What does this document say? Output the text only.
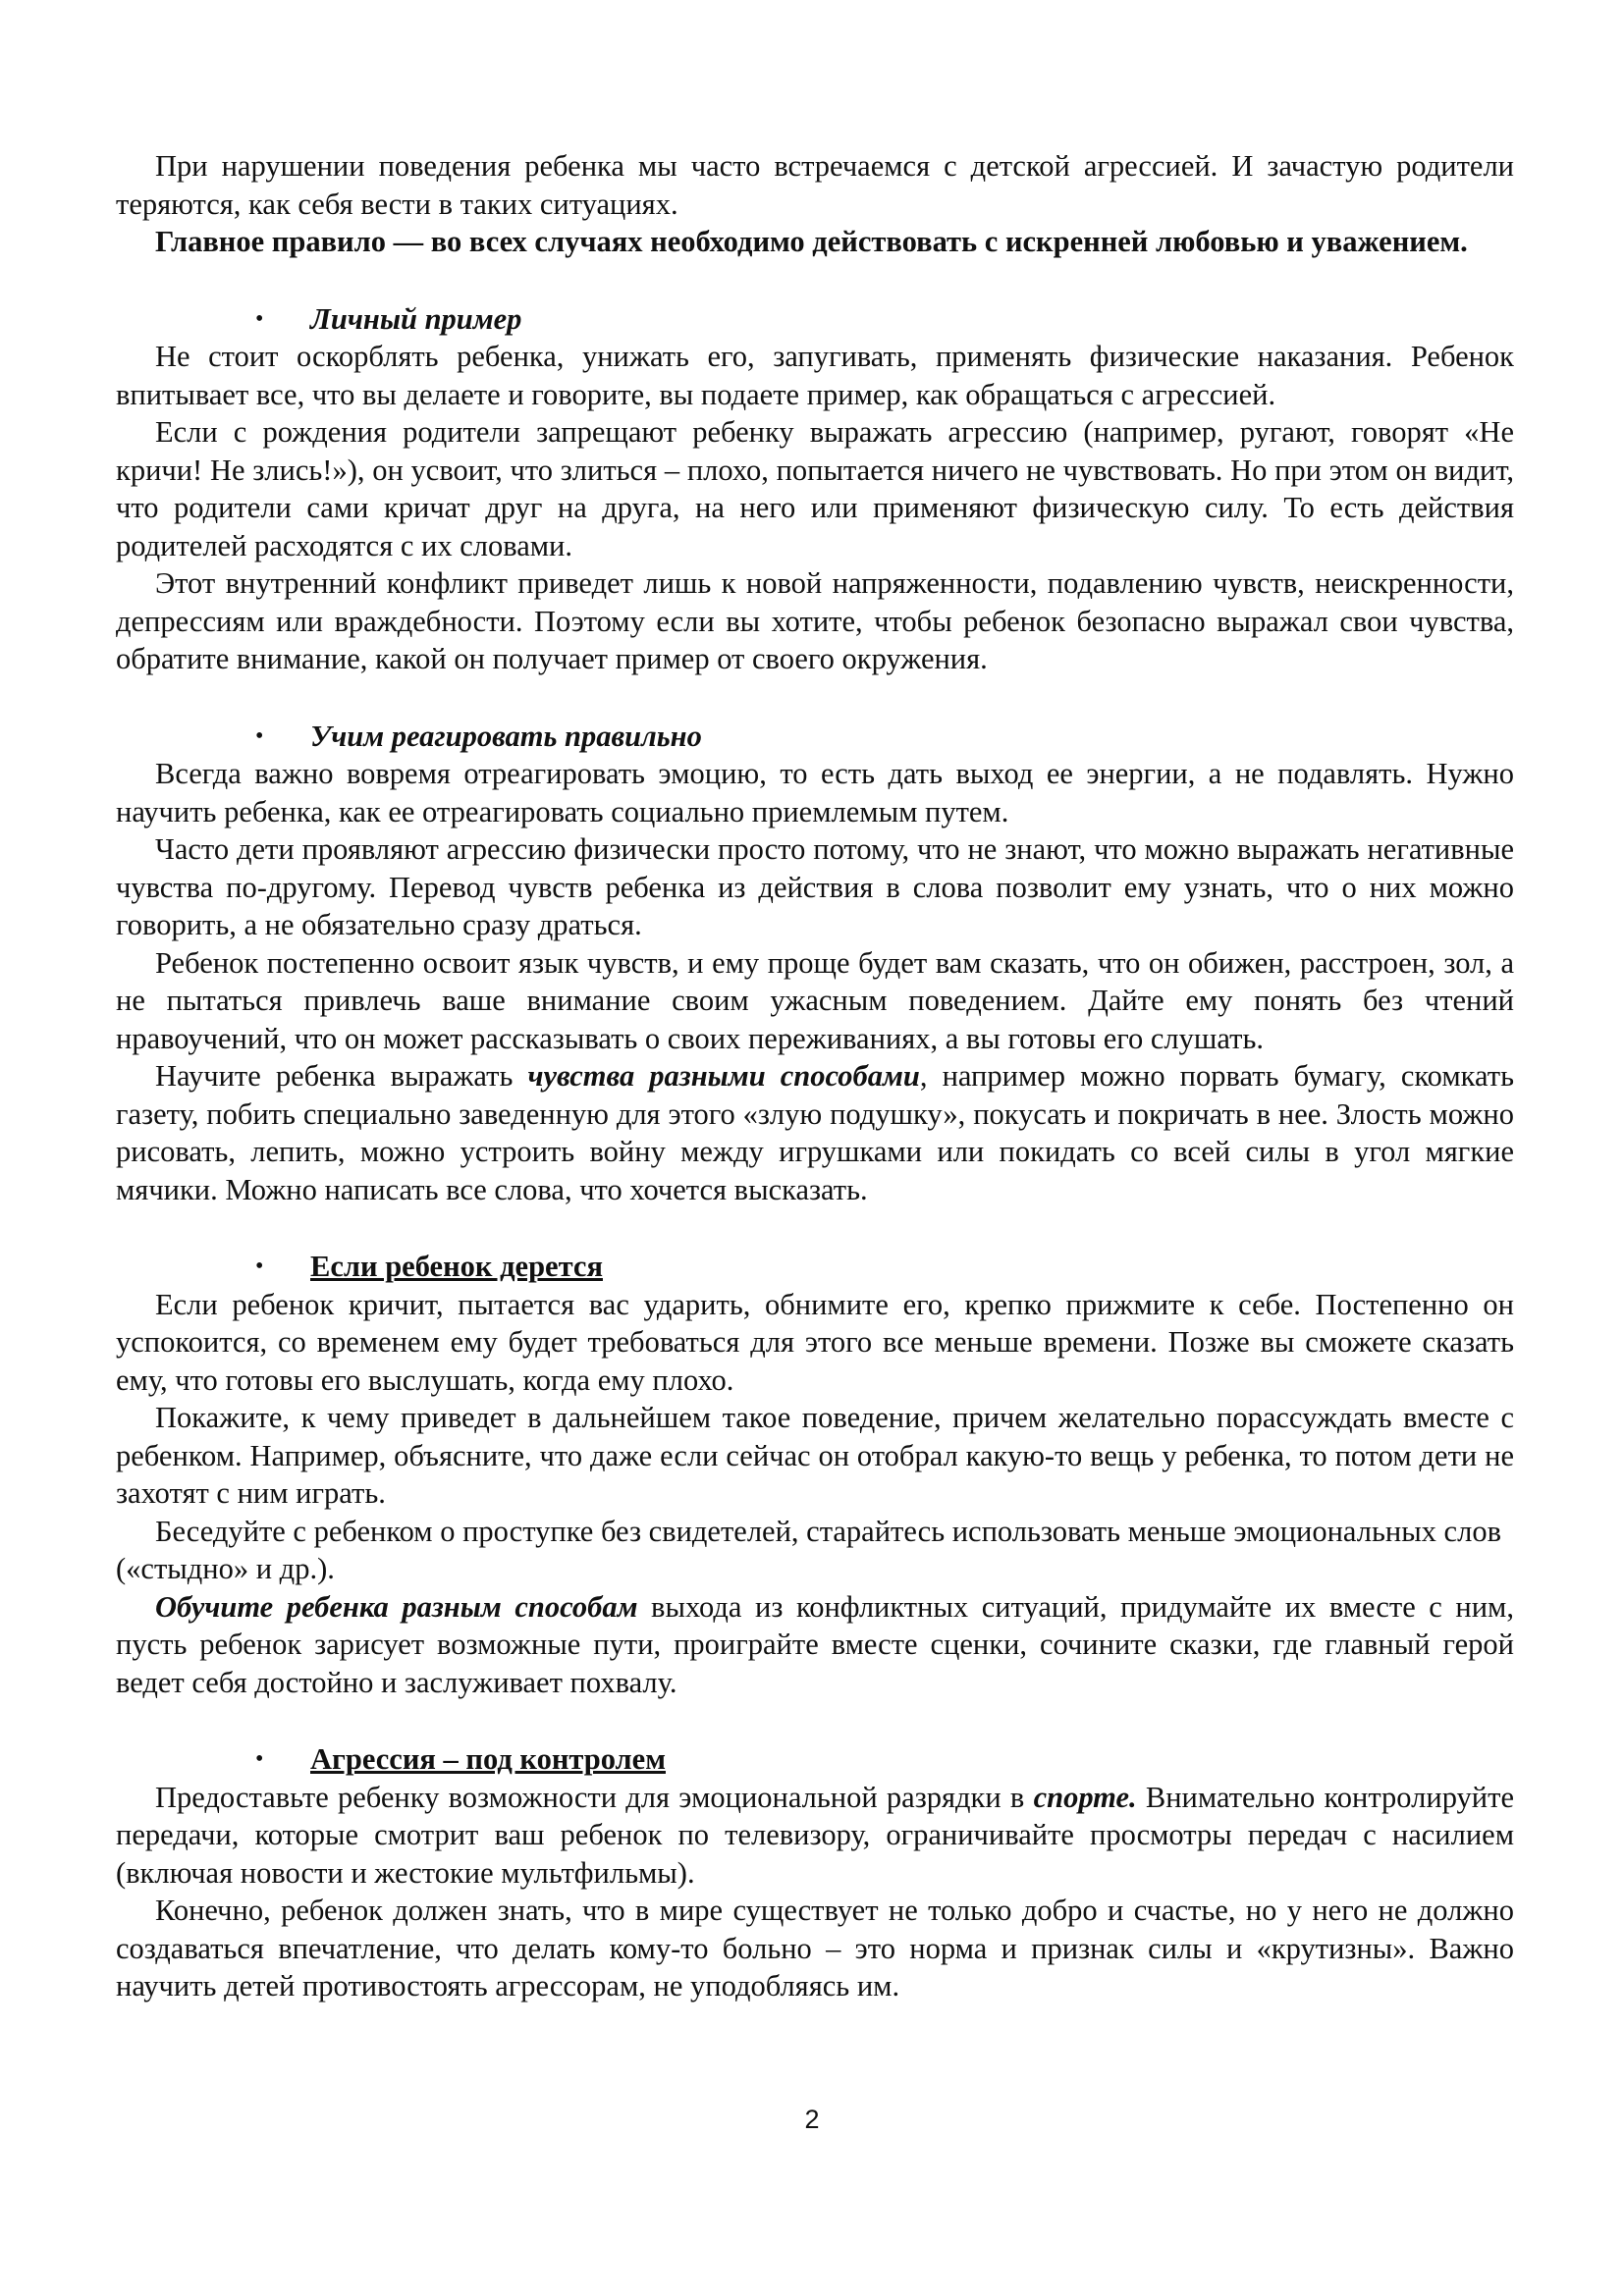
При нарушении поведения ребенка мы часто встречаемся с детской агрессией. И зачастую родители теряются, как себя вести в таких ситуациях.

Главное правило — во всех случаях необходимо действовать с искренней любовью и уважением.

• Личный пример

Не стоит оскорблять ребенка, унижать его, запугивать, применять физические наказания. Ребенок впитывает все, что вы делаете и говорите, вы подаете пример, как обращаться с агрессией.

Если с рождения родители запрещают ребенку выражать агрессию (например, ругают, говорят «Не кричи! Не злись!»), он усвоит, что злиться – плохо, попытается ничего не чувствовать. Но при этом он видит, что родители сами кричат друг на друга, на него или применяют физическую силу. То есть действия родителей расходятся с их словами.

Этот внутренний конфликт приведет лишь к новой напряженности, подавлению чувств, неискренности, депрессиям или враждебности. Поэтому если вы хотите, чтобы ребенок безопасно выражал свои чувства, обратите внимание, какой он получает пример от своего окружения.

• Учим реагировать правильно

Всегда важно вовремя отреагировать эмоцию, то есть дать выход ее энергии, а не подавлять. Нужно научить ребенка, как ее отреагировать социально приемлемым путем.

Часто дети проявляют агрессию физически просто потому, что не знают, что можно выражать негативные чувства по-другому. Перевод чувств ребенка из действия в слова позволит ему узнать, что о них можно говорить, а не обязательно сразу драться.

Ребенок постепенно освоит язык чувств, и ему проще будет вам сказать, что он обижен, расстроен, зол, а не пытаться привлечь ваше внимание своим ужасным поведением. Дайте ему понять без чтений нравоучений, что он может рассказывать о своих переживаниях, а вы готовы его слушать.

Научите ребенка выражать чувства разными способами, например можно порвать бумагу, скомкать газету, побить специально заведенную для этого «злую подушку», покусать и покричать в нее. Злость можно рисовать, лепить, можно устроить войну между игрушками или покидать со всей силы в угол мягкие мячики. Можно написать все слова, что хочется высказать.

• Если ребенок дерется

Если ребенок кричит, пытается вас ударить, обнимите его, крепко прижмите к себе. Постепенно он успокоится, со временем ему будет требоваться для этого все меньше времени. Позже вы сможете сказать ему, что готовы его выслушать, когда ему плохо.

Покажите, к чему приведет в дальнейшем такое поведение, причем желательно порассуждать вместе с ребенком. Например, объясните, что даже если сейчас он отобрал какую-то вещь у ребенка, то потом дети не захотят с ним играть.

Беседуйте с ребенком о проступке без свидетелей, старайтесь использовать меньше эмоциональных слов («стыдно» и др.).

Обучите ребенка разным способам выхода из конфликтных ситуаций, придумайте их вместе с ним, пусть ребенок зарисует возможные пути, проиграйте вместе сценки, сочините сказки, где главный герой ведет себя достойно и заслуживает похвалу.

• Агрессия – под контролем

Предоставьте ребенку возможности для эмоциональной разрядки в спорте. Внимательно контролируйте передачи, которые смотрит ваш ребенок по телевизору, ограничивайте просмотры передач с насилием (включая новости и жестокие мультфильмы).

Конечно, ребенок должен знать, что в мире существует не только добро и счастье, но у него не должно создаваться впечатление, что делать кому-то больно – это норма и признак силы и «крутизны». Важно научить детей противостоять агрессорам, не уподобляясь им.

2
